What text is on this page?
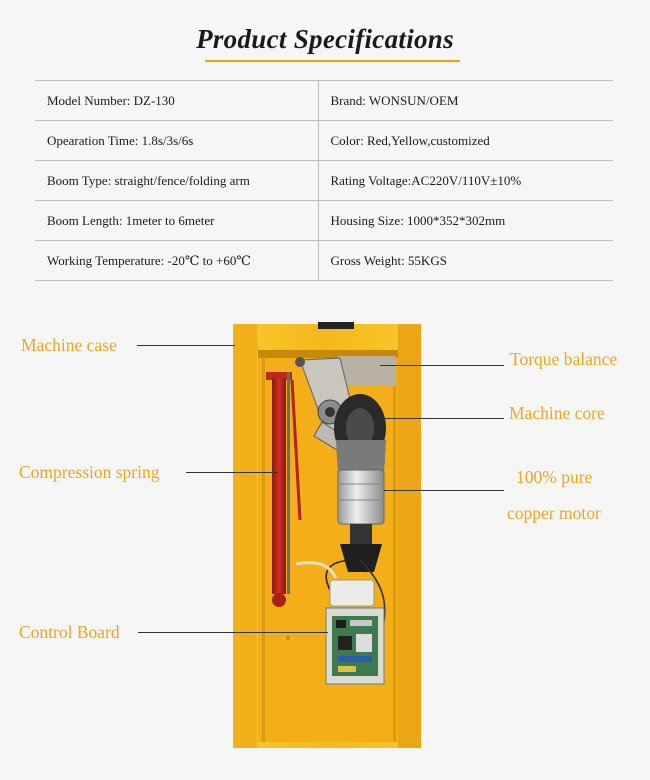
Product Specifications
Model Number: DZ-130	Brand: WONSUN/OEM
Opearation Time: 1.8s/3s/6s	Color: Red,Yellow,customized
Boom Type: straight/fence/folding arm	Rating Voltage:AC220V/110V±10%
Boom Length: 1meter to 6meter	Housing Size: 1000*352*302mm
Working Temperature: -20℃ to +60℃	Gross Weight: 55KGS
Machine case
Compression spring
Control Board
Torque balance
Machine core
100% pure
copper motor
